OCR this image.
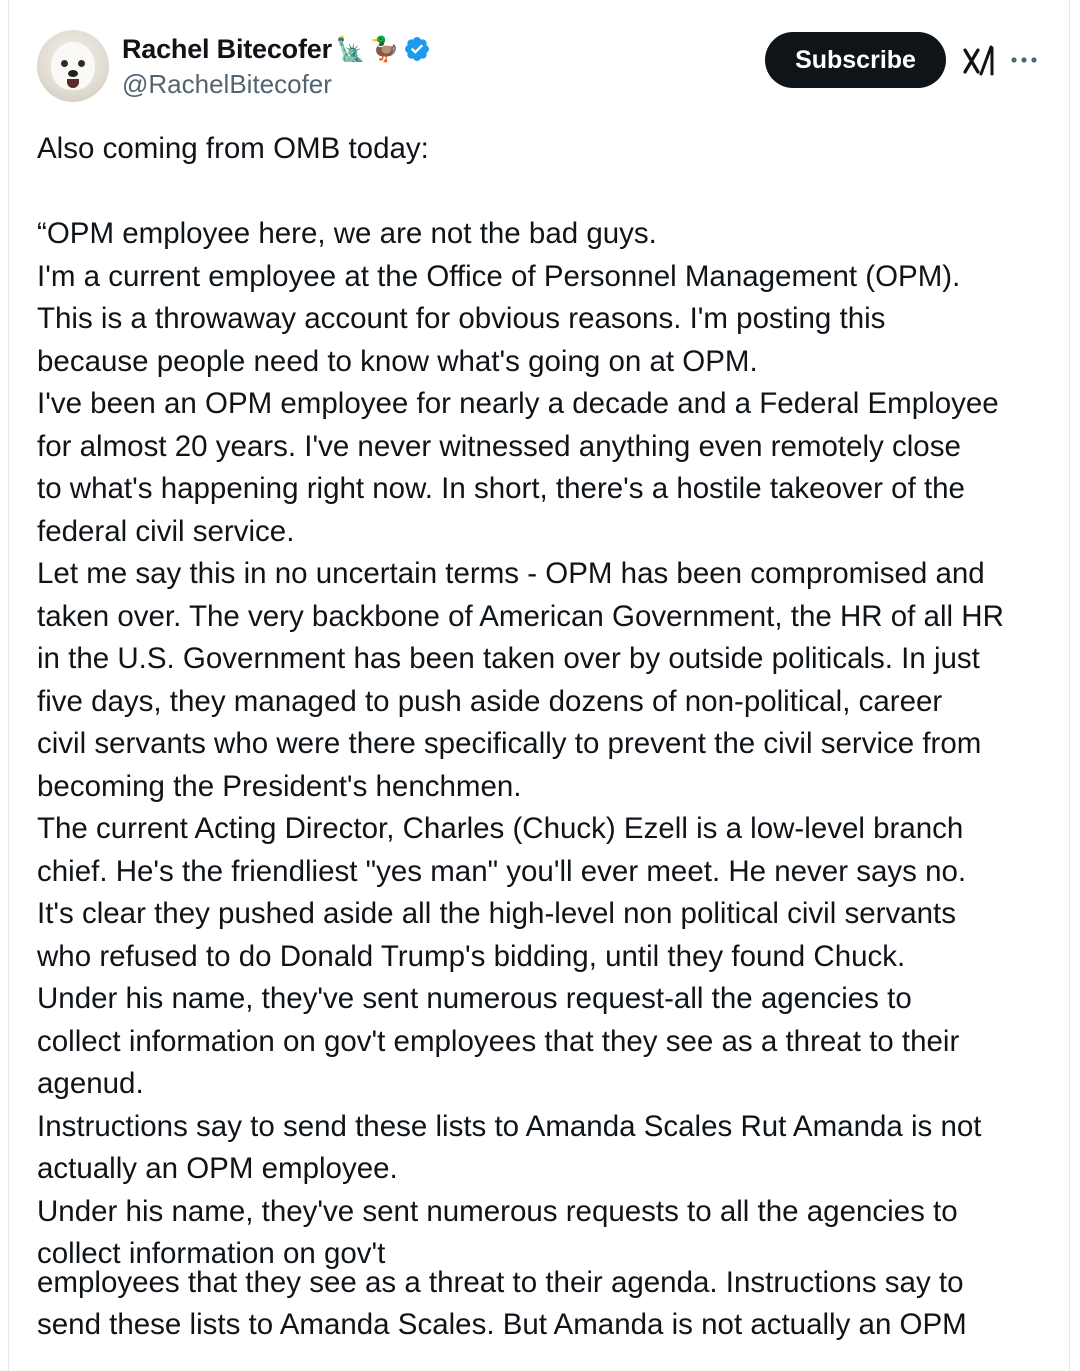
Rachel Bitecofer 🗽 🦆
@RachelBitecofer
Subscribe
Also coming from OMB today:
“OPM employee here, we are not the bad guys.
I'm a current employee at the Office of Personnel Management (OPM).
This is a throwaway account for obvious reasons. I'm posting this
because people need to know what's going on at OPM.
I've been an OPM employee for nearly a decade and a Federal Employee
for almost 20 years. I've never witnessed anything even remotely close
to what's happening right now. In short, there's a hostile takeover of the
federal civil service.
Let me say this in no uncertain terms - OPM has been compromised and
taken over. The very backbone of American Government, the HR of all HR
in the U.S. Government has been taken over by outside politicals. In just
five days, they managed to push aside dozens of non-political, career
civil servants who were there specifically to prevent the civil service from
becoming the President's henchmen.
The current Acting Director, Charles (Chuck) Ezell is a low-level branch
chief. He's the friendliest "yes man" you'll ever meet. He never says no.
It's clear they pushed aside all the high-level non political civil servants
who refused to do Donald Trump's bidding, until they found Chuck.
Under his name, they've sent numerous request-all the agencies to
collect information on gov't employees that they see as a threat to their
agenud.
Instructions say to send these lists to Amanda Scales Rut Amanda is not
actually an OPM employee.
Under his name, they've sent numerous requests to all the agencies to
collect information on gov't
employees that they see as a threat to their agenda. Instructions say to
send these lists to Amanda Scales. But Amanda is not actually an OPM
